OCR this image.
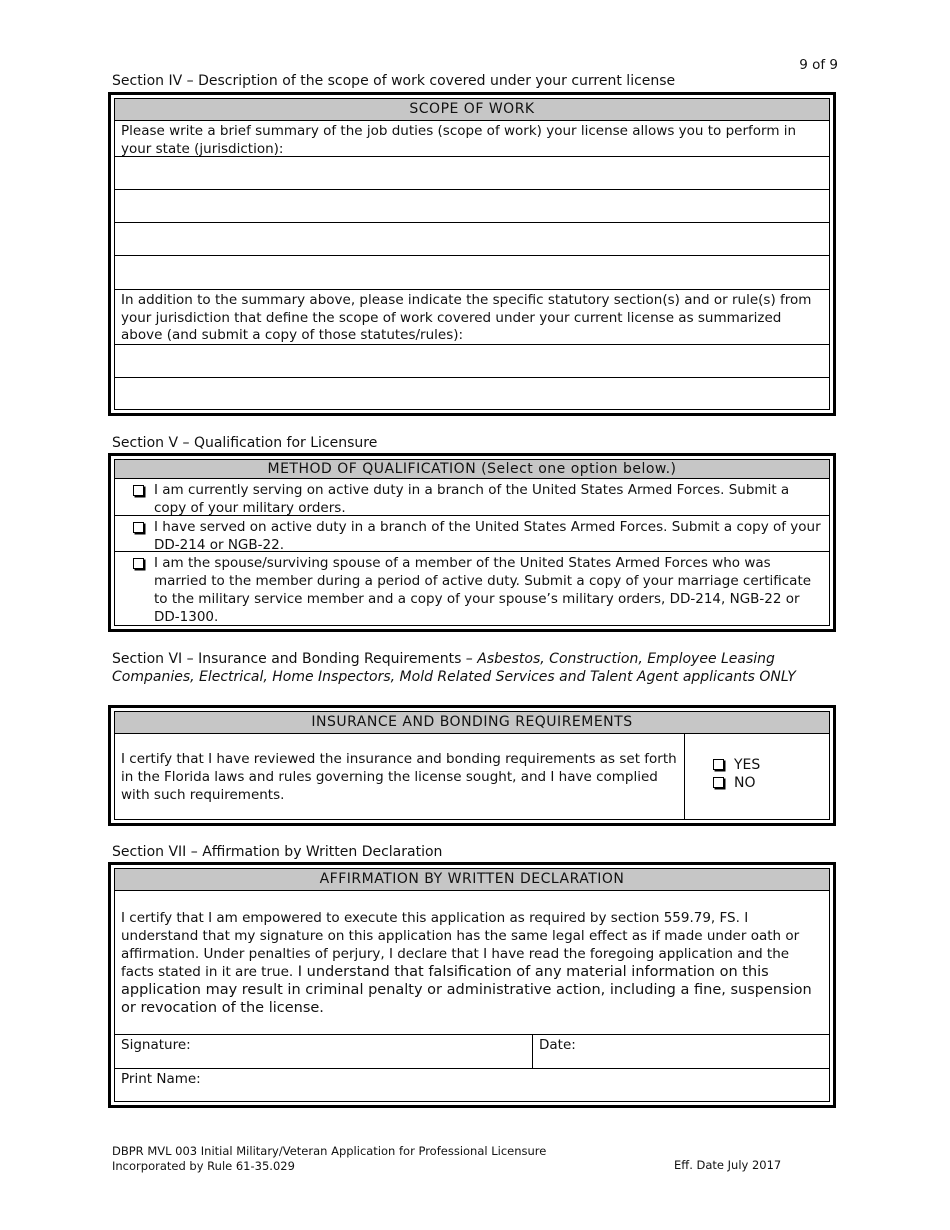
9 of 9
Section IV – Description of the scope of work covered under your current license
SCOPE OF WORK
Please write a brief summary of the job duties (scope of work) your license allows you to perform in your state (jurisdiction):
In addition to the summary above, please indicate the specific statutory section(s) and or rule(s) from your jurisdiction that define the scope of work covered under your current license as summarized above (and submit a copy of those statutes/rules):
Section V – Qualification for Licensure
METHOD OF QUALIFICATION (Select one option below.)
I am currently serving on active duty in a branch of the United States Armed Forces. Submit a copy of your military orders.
I have served on active duty in a branch of the United States Armed Forces. Submit a copy of your DD-214 or NGB-22.
I am the spouse/surviving spouse of a member of the United States Armed Forces who was married to the member during a period of active duty. Submit a copy of your marriage certificate to the military service member and a copy of your spouse’s military orders, DD-214, NGB-22 or DD-1300.
Section VI – Insurance and Bonding Requirements – Asbestos, Construction, Employee Leasing Companies, Electrical, Home Inspectors, Mold Related Services and Talent Agent applicants ONLY
INSURANCE AND BONDING REQUIREMENTS
I certify that I have reviewed the insurance and bonding requirements as set forth in the Florida laws and rules governing the license sought, and I have complied with such requirements.
YES
NO
Section VII – Affirmation by Written Declaration
AFFIRMATION BY WRITTEN DECLARATION
I certify that I am empowered to execute this application as required by section 559.79, FS. I understand that my signature on this application has the same legal effect as if made under oath or affirmation. Under penalties of perjury, I declare that I have read the foregoing application and the facts stated in it are true. I understand that falsification of any material information on this application may result in criminal penalty or administrative action, including a fine, suspension or revocation of the license.
Signature:	Date:
Print Name:
DBPR MVL 003 Initial Military/Veteran Application for Professional Licensure
Incorporated by Rule 61-35.029	Eff. Date July 2017
